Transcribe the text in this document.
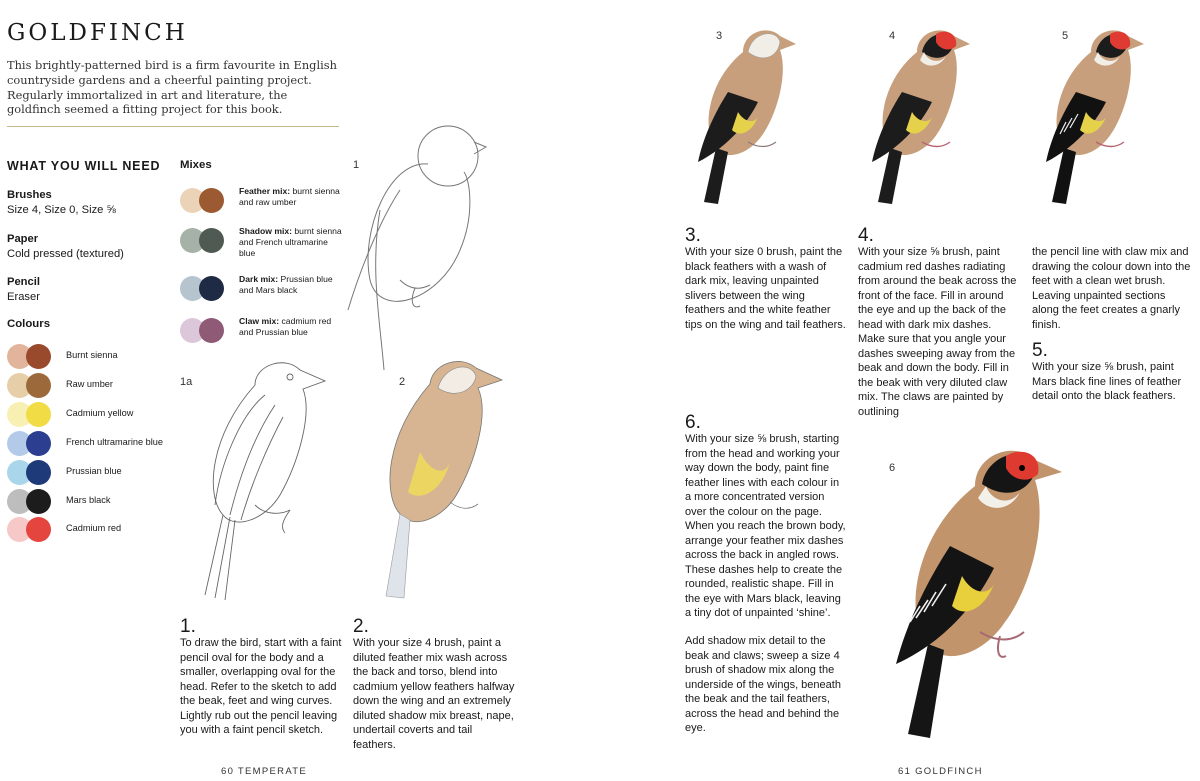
GOLDFINCH
This brightly-patterned bird is a firm favourite in English countryside gardens and a cheerful painting project. Regularly immortalized in art and literature, the goldfinch seemed a fitting project for this book.
WHAT YOU WILL NEED
Brushes
Size 4, Size 0, Size ⅝
Paper
Cold pressed (textured)
Pencil
Eraser
Colours
Burnt sienna
Raw umber
Cadmium yellow
French ultramarine blue
Prussian blue
Mars black
Cadmium red
Mixes
Feather mix: burnt sienna and raw umber
Shadow mix: burnt sienna and French ultramarine blue
Dark mix: Prussian blue and Mars black
Claw mix: cadmium red and Prussian blue
1
1a	2
1.
To draw the bird, start with a faint pencil oval for the body and a smaller, overlapping oval for the head. Refer to the sketch to add the beak, feet and wing curves. Lightly rub out the pencil leaving you with a faint pencil sketch.
2.
With your size 4 brush, paint a diluted feather mix wash across the back and torso, blend into cadmium yellow feathers halfway down the wing and an extremely diluted shadow mix breast, nape, undertail coverts and tail feathers.
60 TEMPERATE
3	4	5
3.
With your size 0 brush, paint the black feathers with a wash of dark mix, leaving unpainted slivers between the wing feathers and the white feather tips on the wing and tail feathers.
4.
With your size ⅝ brush, paint cadmium red dashes radiating from around the beak across the front of the face. Fill in around the eye and up the back of the head with dark mix dashes. Make sure that you angle your dashes sweeping away from the beak and down the body. Fill in the beak with very diluted claw mix. The claws are painted by outlining
the pencil line with claw mix and drawing the colour down into the feet with a clean wet brush. Leaving unpainted sections along the feet creates a gnarly finish.
5.
With your size ⅝ brush, paint Mars black fine lines of feather detail onto the black feathers.
6.
With your size ⅝ brush, starting from the head and working your way down the body, paint fine feather lines with each colour in a more concentrated version over the colour on the page. When you reach the brown body, arrange your feather mix dashes across the back in angled rows. These dashes help to create the rounded, realistic shape. Fill in the eye with Mars black, leaving a tiny dot of unpainted ‘shine’.
Add shadow mix detail to the beak and claws; sweep a size 4 brush of shadow mix along the underside of the wings, beneath the beak and the tail feathers, across the head and behind the eye.
6
61 GOLDFINCH
